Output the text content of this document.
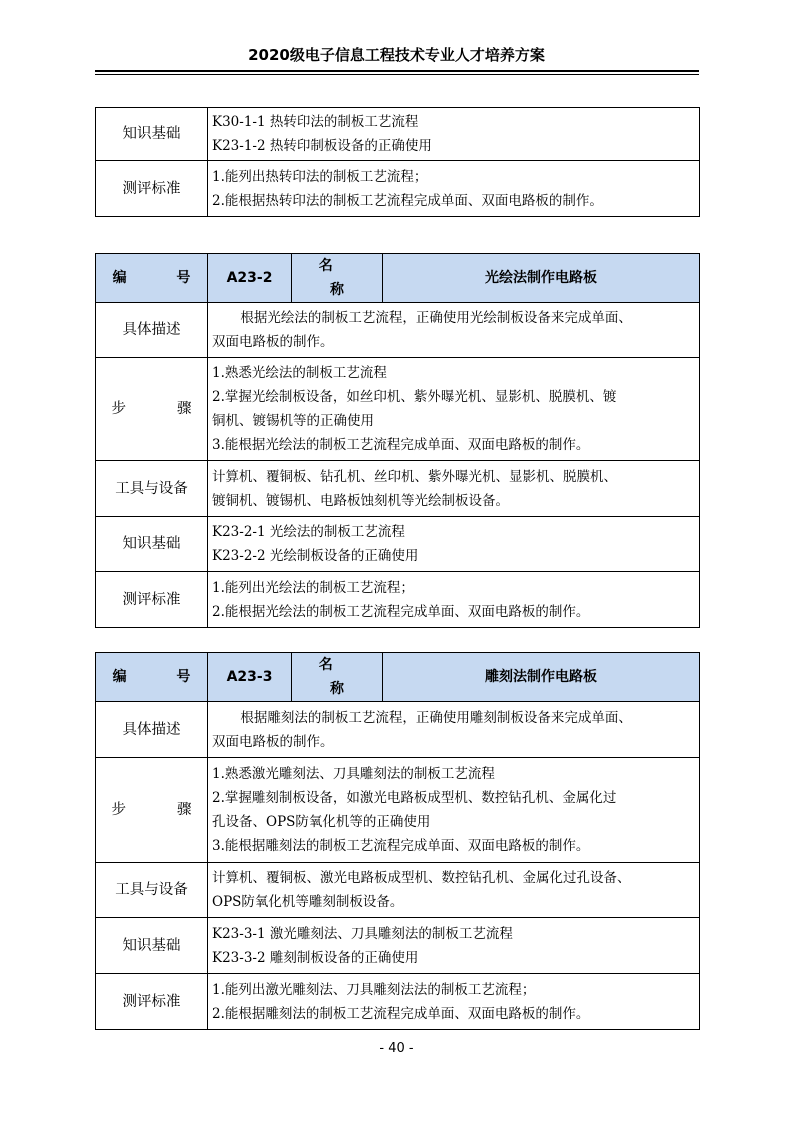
2020级电子信息工程技术专业人才培养方案
知识基础	K30-1-1 热转印法的制板工艺流程
K23-1-2 热转印制板设备的正确使用

测评标准	1.能列出热转印法的制板工艺流程；
2.能根据热转印法的制板工艺流程完成单面、双面电路板的制作。
编 号	A23-2	名 称	光绘法制作电路板
具体描述	根据光绘法的制板工艺流程，正确使用光绘制板设备来完成单面、
双面电路板的制作。		

步 骤	1.熟悉光绘法的制板工艺流程
2.掌握光绘制板设备，如丝印机、紫外曝光机、显影机、脱膜机、镀
铜机、镀锡机等的正确使用
3.能根据光绘法的制板工艺流程完成单面、双面电路板的制作。		

工具与设备	计算机、覆铜板、钻孔机、丝印机、紫外曝光机、显影机、脱膜机、
镀铜机、镀锡机、电路板蚀刻机等光绘制板设备。		

知识基础	K23-2-1 光绘法的制板工艺流程
K23-2-2 光绘制板设备的正确使用		

测评标准	1.能列出光绘法的制板工艺流程；
2.能根据光绘法的制板工艺流程完成单面、双面电路板的制作。		
编 号	A23-3	名 称	雕刻法制作电路板
具体描述	根据雕刻法的制板工艺流程，正确使用雕刻制板设备来完成单面、
双面电路板的制作。		

步 骤	1.熟悉激光雕刻法、刀具雕刻法的制板工艺流程
2.掌握雕刻制板设备，如激光电路板成型机、数控钻孔机、金属化过
孔设备、OPS防氧化机等的正确使用
3.能根据雕刻法的制板工艺流程完成单面、双面电路板的制作。		

工具与设备	计算机、覆铜板、激光电路板成型机、数控钻孔机、金属化过孔设备、
OPS防氧化机等雕刻制板设备。		

知识基础	K23-3-1 激光雕刻法、刀具雕刻法的制板工艺流程
K23-3-2 雕刻制板设备的正确使用		

测评标准	1.能列出激光雕刻法、刀具雕刻法法的制板工艺流程；
2.能根据雕刻法的制板工艺流程完成单面、双面电路板的制作。		
- 40 -
